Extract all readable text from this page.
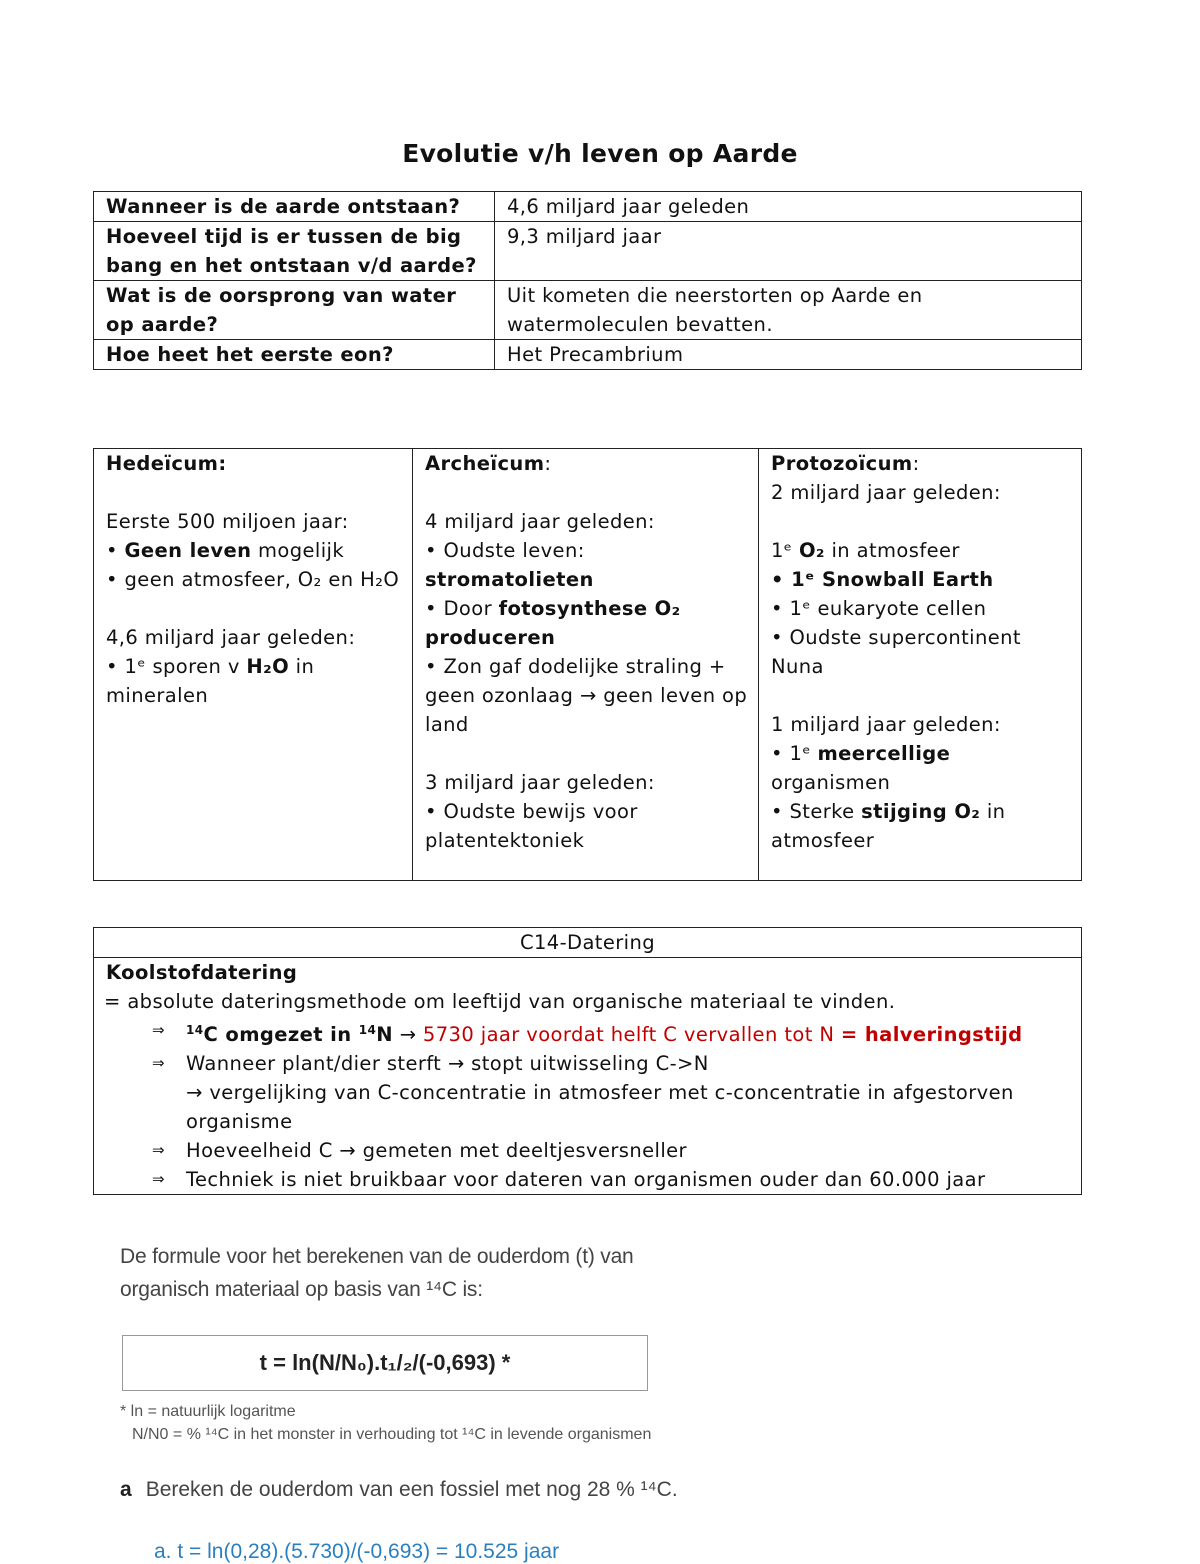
Evolutie v/h leven op Aarde
Wanneer is de aarde ontstaan?	4,6 miljard jaar geleden
Hoeveel tijd is er tussen de big bang en het ontstaan v/d aarde?	9,3 miljard jaar
Wat is de oorsprong van water op aarde?	Uit kometen die neerstorten op Aarde en watermoleculen bevatten.
Hoe heet het eerste eon?	Het Precambrium
Hedeïcum:
Eerste 500 miljoen jaar:
• Geen leven mogelijk
• geen atmosfeer, O₂ en H₂O
4,6 miljard jaar geleden:
• 1ᵉ sporen v H₂O in mineralen

Archeïcum:
4 miljard jaar geleden:
• Oudste leven:
stromatolieten
• Door fotosynthese O₂ produceren
• Zon gaf dodelijke straling + geen ozonlaag → geen leven op land
3 miljard jaar geleden:
• Oudste bewijs voor platentektoniek

Protozoïcum:
2 miljard jaar geleden:
1ᵉ O₂ in atmosfeer
• 1ᵉ Snowball Earth
• 1ᵉ eukaryote cellen
• Oudste supercontinent Nuna
1 miljard jaar geleden:
• 1ᵉ meercellige organismen
• Sterke stijging O₂ in atmosfeer
C14-Datering

Koolstofdatering
= absolute dateringsmethode om leeftijd van organische materiaal te vinden.
⇒ $^{14}$C omgezet in $^{14}$N → 5730 jaar voordat helft C vervallen tot N = halveringstijd
⇒ Wanneer plant/dier sterft → stopt uitwisseling C->N
→ vergelijking van C-concentratie in atmosfeer met c-concentratie in afgestorven organisme
⇒ Hoeveelheid C → gemeten met deeltjesversneller
⇒ Techniek is niet bruikbaar voor dateren van organismen ouder dan 60.000 jaar
De formule voor het berekenen van de ouderdom (t) van
organisch materiaal op basis van ¹⁴C is:
t = ln(N/N₀).t₁/₂/(-0,693) *
* ln = natuurlijk logaritme
N/N0 = % ¹⁴C in het monster in verhouding tot ¹⁴C in levende organismen
a Bereken de ouderdom van een fossiel met nog 28 % ¹⁴C.
a. t = ln(0,28).(5.730)/(-0,693) = 10.525 jaar
